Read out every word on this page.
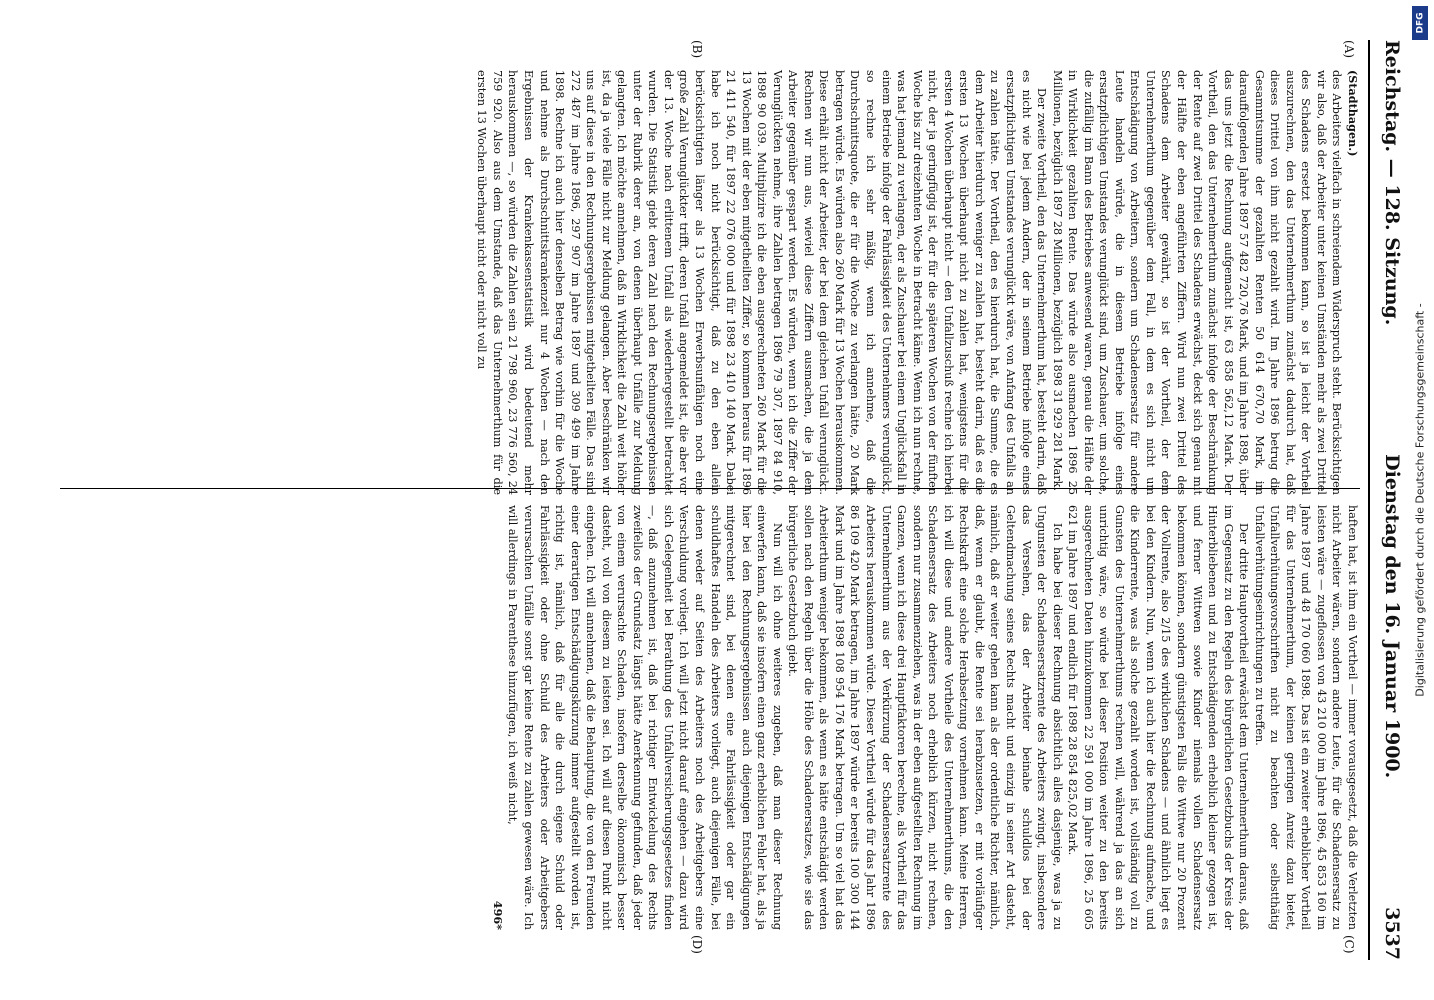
Reichstag. — 128. Sitzung.
Dienstag den 16. Januar 1900.
3537
(A)
(B)
(C)
(D)

(Stadthagen.)

des Arbeiters vielfach in schreiendem Widerspruch steht. Berücksichtigen wir also, daß der Arbeiter unter keinen Umständen mehr als zwei Drittel des Schadens ersetzt bekommen kann, so ist ja leicht der Vortheil auszurechnen, den das Unternehmerthum zunächst dadurch hat, daß dieses Drittel von ihm nicht gezahlt wird. Im Jahre 1896 betrug die Gesammtsumme der gezahlten Renten 50 614 670,70 Mark, im darauffolgenden Jahre 1897 57 482 720,76 Mark, und im Jahre 1898, über das uns jetzt die Rechnung aufgemacht ist, 63 858 562,12 Mark. Der Vortheil, den das Unternehmerthum zunächst infolge der Beschränkung der Rente auf zwei Drittel des Schadens erwächst, deckt sich genau mit der Hälfte der eben angeführten Ziffern. Wird nun zwei Drittel des Schadens dem Arbeiter gewährt, so ist der Vortheil, der dem Unternehmerthum gegenüber dem Fall, in dem es sich nicht um Entschädigung von Arbeitern, sondern um Schadensersatz für andere Leute handeln würde, die in diesem Betriebe infolge eines ersatzpflichtigen Umstandes verunglückt sind, um Zuschauer, um solche, die zufällig im Bann des Betriebes anwesend waren, genau die Hälfte der in Wirklichkeit gezahlten Rente. Das würde also ausmachen 1896 25 Millionen, bezüglich 1897 28 Millionen, bezüglich 1898 31 929 281 Mark.

Der zweite Vortheil, den das Unternehmerthum hat, besteht darin, daß es nicht wie bei jedem Andern, der in seinem Betriebe infolge eines ersatzpflichtigen Umstandes verunglückt wäre, von Anfang des Unfalls an zu zahlen hätte. Der Vortheil, den es hierdurch hat, die Summe, die es dem Arbeiter hierdurch weniger zu zahlen hat, besteht darin, daß es die ersten 13 Wochen überhaupt nicht zu zahlen hat, wenigstens für die ersten 4 Wochen überhaupt nicht — den Unfallzuschuß rechne ich hierbei nicht, der ja geringfügig ist, der für die späteren Wochen von der fünften Woche bis zur dreizehnten Woche in Betracht käme. Wenn ich nun rechne, was hat jemand zu verlangen, der als Zuschauer bei einem Unglücksfall in einem Betriebe infolge der Fahrlässigkeit des Unternehmers verunglückt, so rechne ich sehr mäßig, wenn ich annehme, daß die Durchschnittsquote, die er für die Woche zu verlangen hätte, 20 Mark betragen würde. Es würden also 260 Mark für 13 Wochen herauskommen. Diese erhält nicht der Arbeiter, der bei dem gleichen Unfall verunglückt. Rechnen wir nun aus, wieviel diese Ziffern ausmachen, die ja dem Arbeiter gegenüber gespart werden. Es würden, wenn ich die Ziffer der Verunglückten nehme, ihre Zahlen betragen 1896 79 307, 1897 84 910, 1898 90 039. Multiplizire ich die eben ausgerechneten 260 Mark für die 13 Wochen mit der eben mitgetheilten Ziffer, so kommen heraus für 1896 21 411 540, für 1897 22 076 000 und für 1898 23 410 140 Mark. Dabei habe ich noch nicht berücksichtigt, daß zu den eben allein berücksichtigten länger als 13 Wochen Erwerbsunfähigen noch eine große Zahl Verunglückter trifft, deren Unfall angemeldet ist, die aber vor der 13. Woche nach erlittenem Unfall als wiederhergestellt betrachtet wurden. Die Statistik giebt deren Zahl nach den Rechnungsergebnissen unter der Rubrik derer an, von denen überhaupt Unfälle zur Meldung gelangten. Ich möchte annehmen, daß in Wirklichkeit die Zahl weit höher ist, da ja viele Fälle nicht zur Meldung gelangen. Aber beschränken wir uns auf diese in den Rechnungsergebnissen mitgetheilten Fälle. Das sind 272 487 im Jahre 1896, 297 907 im Jahre 1897 und 309 499 im Jahre 1898. Rechne ich auch hier denselben Betrag wie vorhin für die Woche und nehme als Durchschnittskrankenzeit nur 4 Wochen — nach den Ergebnissen der Krankenkassenstatistik wird bedeutend mehr herauskommen —, so würden die Zahlen sein 21 798 960, 23 776 560, 24 759 920. Also aus dem Umstande, daß das Unternehmerthum für die ersten 13 Wochen überhaupt nicht oder nicht voll zu

haften hat, ist ihm ein Vortheil — immer vorausgesetzt, daß die Verletzten nicht Arbeiter wären, sondern andere Leute, für die Schadensersatz zu leisten wäre — zugeflossen von 43 210 000 im Jahre 1896, 45 853 160 im Jahre 1897 und 48 170 060 1898. Das ist ein zweiter erheblicher Vortheil für das Unternehmerthum, der keinen geringen Anreiz dazu bietet, Unfallverhütungsvorschriften nicht zu beachten oder selbstthätig Unfallverhütungseinrichtungen zu treffen.

Der dritte Hauptvortheil erwächst dem Unternehmerthum daraus, daß im Gegensatz zu den Regeln des bürgerlichen Gesetzbuchs der Kreis der Hinterbliebenen und zu Entschädigenden erheblich kleiner gezogen ist, und ferner Wittwen sowie Kinder niemals vollen Schadensersatz bekommen können, sondern günstigsten Falls die Wittwe nur 20 Prozent der Vollrente, also 2/15 des wirklichen Schadens — und ähnlich liegt es bei den Kindern. Nun, wenn ich auch hier die Rechnung aufmache, und die Kinderrente, was als solche gezahlt worden ist, vollständig voll zu Gunsten des Unternehmerthums rechnen will, während ja das an sich unrichtig wäre, so würde bei dieser Position weiter zu den bereits ausgerechneten Daten hinzukommen 22 591 000 im Jahre 1896, 25 605 621 im Jahre 1897 und endlich für 1898 28 854 825,02 Mark.

Ich habe bei dieser Rechnung absichtlich alles dasjenige, was ja zu Ungunsten der Schadensersatzrente des Arbeiters zwingt, insbesondere das Versehen, das der Arbeiter beinahe schuldlos bei der Geltendmachung seines Rechts macht und einzig in seiner Art dasteht, nämlich, daß er weiter gehen kann als der ordentliche Richter, nämlich, daß, wenn er glaubt, die Rente sei herabzusetzen, er mit vorläufiger Rechtskraft eine solche Herabsetzung vornehmen kann. Meine Herren, ich will diese und andere Vortheile des Unternehmerthums, die den Schadensersatz des Arbeiters noch erheblich kürzen, nicht rechnen, sondern nur zusammenziehen, was in der eben aufgestellten Rechnung im Ganzen, wenn ich diese drei Hauptfaktoren berechne, als Vortheil für das Unternehmerthum aus der Verkürzung der Schadensersatzrente des Arbeiters herauskommen würde. Dieser Vortheil würde für das Jahr 1896 86 109 420 Mark betragen, im Jahre 1897 würde er bereits 100 300 144 Mark und im Jahre 1898 108 954 176 Mark betragen. Um so viel hat das Arbeiterthum weniger bekommen, als wenn es hätte entschädigt werden sollen nach den Regeln über die Höhe des Schadenersatzes, wie sie das bürgerliche Gesetzbuch giebt.

Nun will ich ohne weiteres zugeben, daß man dieser Rechnung einwerfen kann, daß sie insofern einen ganz erheblichen Fehler hat, als ja hier bei den Rechnungsergebnissen auch diejenigen Entschädigungen mitgerechnet sind, bei denen eine Fahrlässigkeit oder gar ein schuldhaftes Handeln des Arbeiters vorliegt, auch diejenigen Fälle, bei denen weder auf Seiten des Arbeiters noch des Arbeitgebers eine Verschuldung vorliegt. Ich will jetzt nicht darauf eingehen — dazu wird sich Gelegenheit bei Berathung des Unfallversicherungsgesetzes finden —, daß anzunehmen ist, daß bei richtiger Entwickelung des Rechts zweifellos der Grundsatz längst hätte Anerkennung gefunden, daß jeder von einem verursachte Schaden, insofern derselbe ökonomisch besser dasteht, voll von diesem zu leisten sei. Ich will auf diesen Punkt nicht eingehen. Ich will annehmen, daß die Behauptung, die von den Freunden einer derartigen Entschädigungskürzung immer aufgestellt worden ist, richtig ist, nämlich, daß für alle die durch eigene Schuld oder Fahrlässigkeit oder ohne Schuld des Arbeiters oder Arbeitgebers verursachten Unfälle sonst gar keine Rente zu zahlen gewesen wäre. Ich will allerdings in Parenthese hinzufügen, ich weiß nicht,

496*

DFG
Digitalisierung gefördert durch die Deutsche Forschungsgemeinschaft -
